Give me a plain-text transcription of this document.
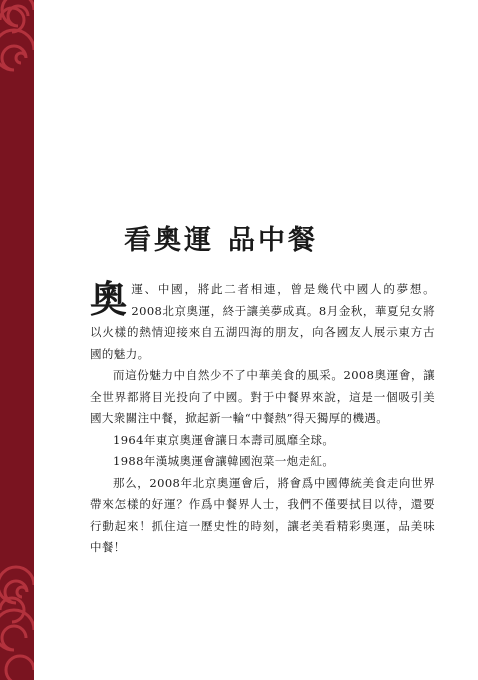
看奧運 品中餐

奧 運、中國，將此二者相連，曾是幾代中國人的夢想。2008北京奧運，終于讓美夢成真。8月金秋，華夏兒女將以火樣的熱情迎接來自五湖四海的朋友，向各國友人展示東方古國的魅力。

而這份魅力中自然少不了中華美食的風采。2008奧運會，讓全世界都將目光投向了中國。對于中餐界來說，這是一個吸引美國大衆關注中餐，掀起新一輪“中餐熱”得天獨厚的機遇。

1964年東京奧運會讓日本壽司風靡全球。

1988年漢城奧運會讓韓國泡菜一炮走紅。

那么，2008年北京奧運會后，將會爲中國傳統美食走向世界帶來怎樣的好運？作爲中餐界人士，我們不僅要拭目以待，還要行動起來！抓住這一歷史性的時刻，讓老美看精彩奧運，品美味中餐！
